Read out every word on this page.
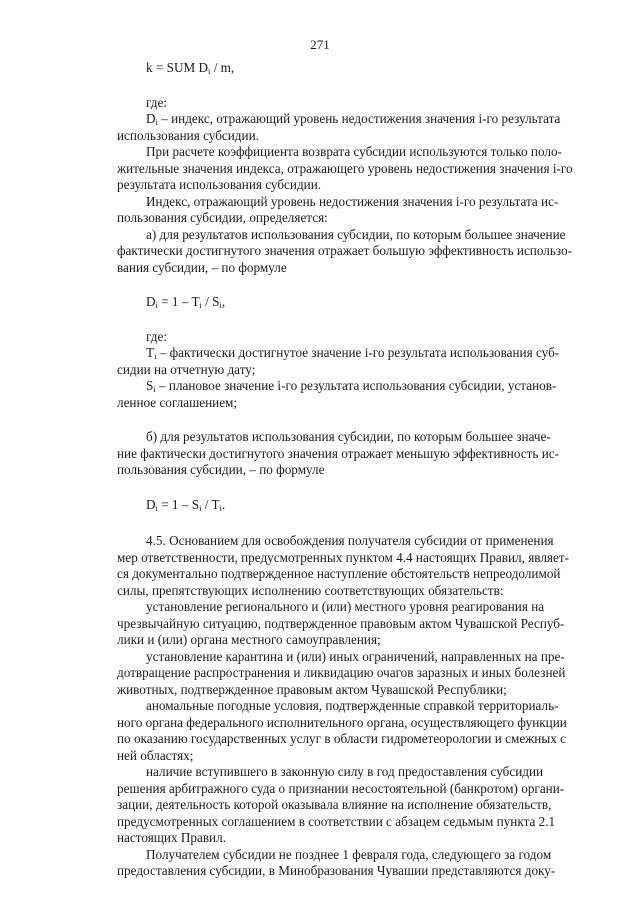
271
k = SUM $D_i$ / m,
где:
$D_i$ – индекс, отражающий уровень недостижения значения i-го результата
использования субсидии.
При расчете коэффициента возврата субсидии используются только поло-
жительные значения индекса, отражающего уровень недостижения значения i-го
результата использования субсидии.
Индекс, отражающий уровень недостижения значения i-го результата ис-
пользования субсидии, определяется:
а) для результатов использования субсидии, по которым большее значение
фактически достигнутого значения отражает большую эффективность использо-
вания субсидии, – по формуле
$D_i = 1 - T_i / S_i$,
где:
$T_i$ – фактически достигнутое значение i-го результата использования суб-
сидии на отчетную дату;
$S_i$ – плановое значение i-го результата использования субсидии, установ-
ленное соглашением;
б) для результатов использования субсидии, по которым большее значе-
ние фактически достигнутого значения отражает меньшую эффективность ис-
пользования субсидии, – по формуле
$D_i = 1 - S_i / T_i$.
4.5. Основанием для освобождения получателя субсидии от применения
мер ответственности, предусмотренных пунктом 4.4 настоящих Правил, являет-
ся документально подтвержденное наступление обстоятельств непреодолимой
силы, препятствующих исполнению соответствующих обязательств:
установление регионального и (или) местного уровня реагирования на
чрезвычайную ситуацию, подтвержденное правовым актом Чувашской Респуб-
лики и (или) органа местного самоуправления;
установление карантина и (или) иных ограничений, направленных на пре-
дотвращение распространения и ликвидацию очагов заразных и иных болезней
животных, подтвержденное правовым актом Чувашской Республики;
аномальные погодные условия, подтвержденные справкой территориаль-
ного органа федерального исполнительного органа, осуществляющего функции
по оказанию государственных услуг в области гидрометеорологии и смежных с
ней областях;
наличие вступившего в законную силу в год предоставления субсидии
решения арбитражного суда о признании несостоятельной (банкротом) органи-
зации, деятельность которой оказывала влияние на исполнение обязательств,
предусмотренных соглашением в соответствии с абзацем седьмым пункта 2.1
настоящих Правил.
Получателем субсидии не позднее 1 февраля года, следующего за годом
предоставления субсидии, в Минобразования Чувашии представляются доку-
